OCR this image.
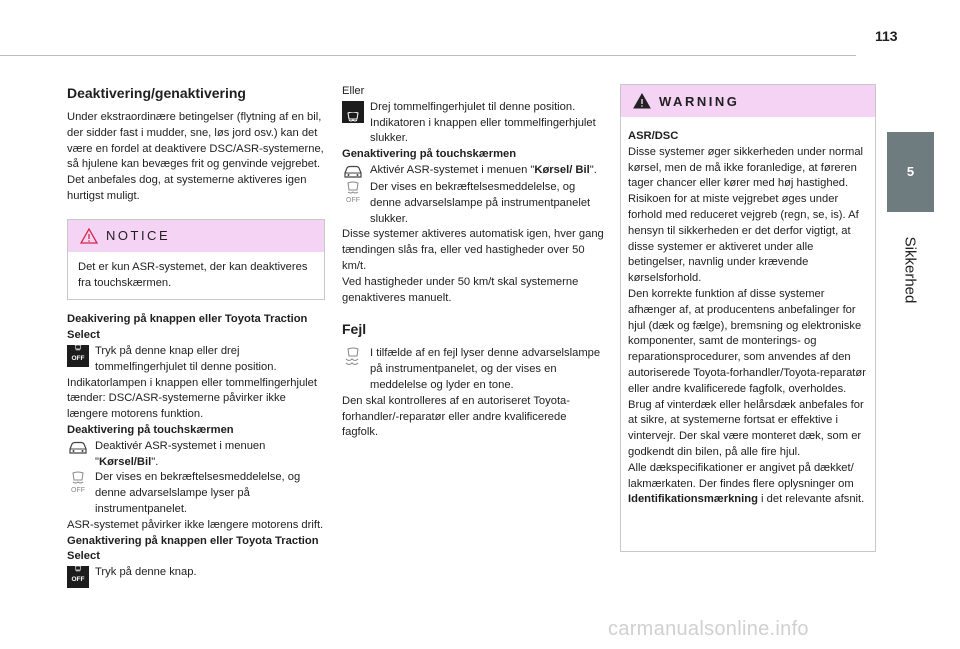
113
5
Sikkerhed
Deaktivering/genaktivering

Under ekstraordinære betingelser (flytning af en bil, der sidder fast i mudder, sne, løs jord osv.) kan det være en fordel at deaktivere DSC/ASR-systemerne, så hjulene kan bevæges frit og genvinde vejgrebet.

Det anbefales dog, at systemerne aktiveres igen hurtigst muligt.

NOTICE
Det er kun ASR-systemet, der kan deaktiveres fra touchskærmen.
Deakivering på knappen eller Toyota Traction Select
OFF

Tryk på denne knap eller drej tommelfingerhjulet til denne position.

Indikatorlampen i knappen eller tommelfingerhjulet tænder: DSC/ASR-systemerne påvirker ikke længere motorens funktion.

Deaktivering på touchskærmen

Deaktivér ASR-systemet i menuen "Kørsel/Bil".

OFF

Der vises en bekræftelsesmeddelelse, og denne advarselslampe lyser på instrumentpanelet.

ASR-systemet påvirker ikke længere motorens drift.

Genaktivering på knappen eller Toyota Traction Select
OFF

Tryk på denne knap.

Eller

Drej tommelfingerhjulet til denne position. Indikatoren i knappen eller tommelfingerhjulet slukker.

Genaktivering på touchskærmen

Aktivér ASR-systemet i menuen "Kørsel/ Bil".

OFF

Der vises en bekræftelsesmeddelelse, og denne advarselslampe på instrumentpanelet slukker.

Disse systemer aktiveres automatisk igen, hver gang tændingen slås fra, eller ved hastigheder over 50 km/t.

Ved hastigheder under 50 km/t skal systemerne genaktiveres manuelt.

Fejl

I tilfælde af en fejl lyser denne advarselslampe på instrumentpanelet, og der vises en meddelelse og lyder en tone.

Den skal kontrolleres af en autoriseret Toyota-forhandler/-reparatør eller andre kvalificerede fagfolk.

WARNING

ASR/DSC

Disse systemer øger sikkerheden under normal kørsel, men de må ikke foranledige, at føreren tager chancer eller kører med høj hastighed.

Risikoen for at miste vejgrebet øges under forhold med reduceret vejgreb (regn, se, is). Af hensyn til sikkerheden er det derfor vigtigt, at disse systemer er aktiveret under alle betingelser, navnlig under krævende kørselsforhold.

Den korrekte funktion af disse systemer afhænger af, at producentens anbefalinger for hjul (dæk og fælge), bremsning og elektroniske komponenter, samt de monterings- og reparationsprocedurer, som anvendes af den autoriserede Toyota-forhandler/Toyota-reparatør eller andre kvalificerede fagfolk, overholdes.

Brug af vinterdæk eller helårsdæk anbefales for at sikre, at systemerne fortsat er effektive i vintervejr. Der skal være monteret dæk, som er godkendt din bilen, på alle fire hjul.

Alle dækspecifikationer er angivet på dækket/ lakmærkaten. Der findes flere oplysninger om Identifikationsmærkning i det relevante afsnit.

carmanualsonline.info
